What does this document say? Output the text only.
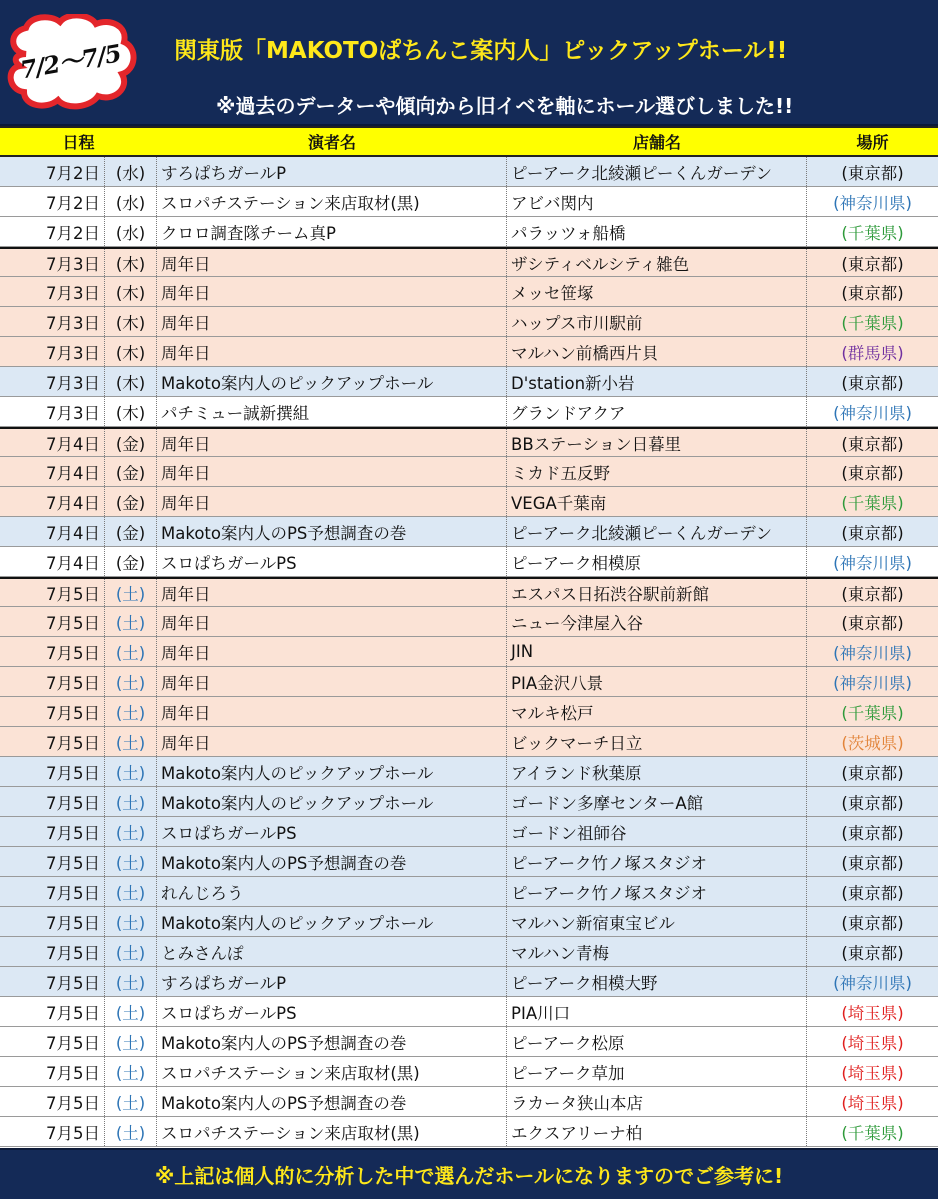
7/2〜7/5	関東版「MAKOTOぱちんこ案内人」ピックアップホール!!
※過去のデーターや傾向から旧イベを軸にホール選びしました!!
日程	演者名	店舗名	場所
7月2日 (水) すろぱちガールP	ピーアーク北綾瀬ピーくんガーデン	(東京都)
7月2日 (水) スロパチステーション来店取材(黒)	アビバ関内	(神奈川県)
7月2日 (水) クロロ調査隊チーム真P	パラッツォ船橋	(千葉県)
7月3日 (木) 周年日	ザシティベルシティ雑色	(東京都)
7月3日 (木) 周年日	メッセ笹塚	(東京都)
7月3日 (木) 周年日	ハップス市川駅前	(千葉県)
7月3日 (木) 周年日	マルハン前橋西片貝	(群馬県)
7月3日 (木) Makoto案内人のピックアップホール	D'station新小岩	(東京都)
7月3日 (木) パチミュー誠新撰組	グランドアクア	(神奈川県)
7月4日 (金) 周年日	BBステーション日暮里	(東京都)
7月4日 (金) 周年日	ミカド五反野	(東京都)
7月4日 (金) 周年日	VEGA千葉南	(千葉県)
7月4日 (金) Makoto案内人のPS予想調査の巻	ピーアーク北綾瀬ピーくんガーデン	(東京都)
7月4日 (金) スロぱちガールPS	ピーアーク相模原	(神奈川県)
7月5日 (土) 周年日	エスパス日拓渋谷駅前新館	(東京都)
7月5日 (土) 周年日	ニュー今津屋入谷	(東京都)
7月5日 (土) 周年日	JIN	(神奈川県)
7月5日 (土) 周年日	PIA金沢八景	(神奈川県)
7月5日 (土) 周年日	マルキ松戸	(千葉県)
7月5日 (土) 周年日	ビックマーチ日立	(茨城県)
7月5日 (土) Makoto案内人のピックアップホール	アイランド秋葉原	(東京都)
7月5日 (土) Makoto案内人のピックアップホール	ゴードン多摩センターA館	(東京都)
7月5日 (土) スロぱちガールPS	ゴードン祖師谷	(東京都)
7月5日 (土) Makoto案内人のPS予想調査の巻	ピーアーク竹ノ塚スタジオ	(東京都)
7月5日 (土) れんじろう	ピーアーク竹ノ塚スタジオ	(東京都)
7月5日 (土) Makoto案内人のピックアップホール	マルハン新宿東宝ビル	(東京都)
7月5日 (土) とみさんぽ	マルハン青梅	(東京都)
7月5日 (土) すろぱちガールP	ピーアーク相模大野	(神奈川県)
7月5日 (土) スロぱちガールPS	PIA川口	(埼玉県)
7月5日 (土) Makoto案内人のPS予想調査の巻	ピーアーク松原	(埼玉県)
7月5日 (土) スロパチステーション来店取材(黒)	ピーアーク草加	(埼玉県)
7月5日 (土) Makoto案内人のPS予想調査の巻	ラカータ狭山本店	(埼玉県)
7月5日 (土) スロパチステーション来店取材(黒)	エクスアリーナ柏	(千葉県)
※上記は個人的に分析した中で選んだホールになりますのでご参考に!
